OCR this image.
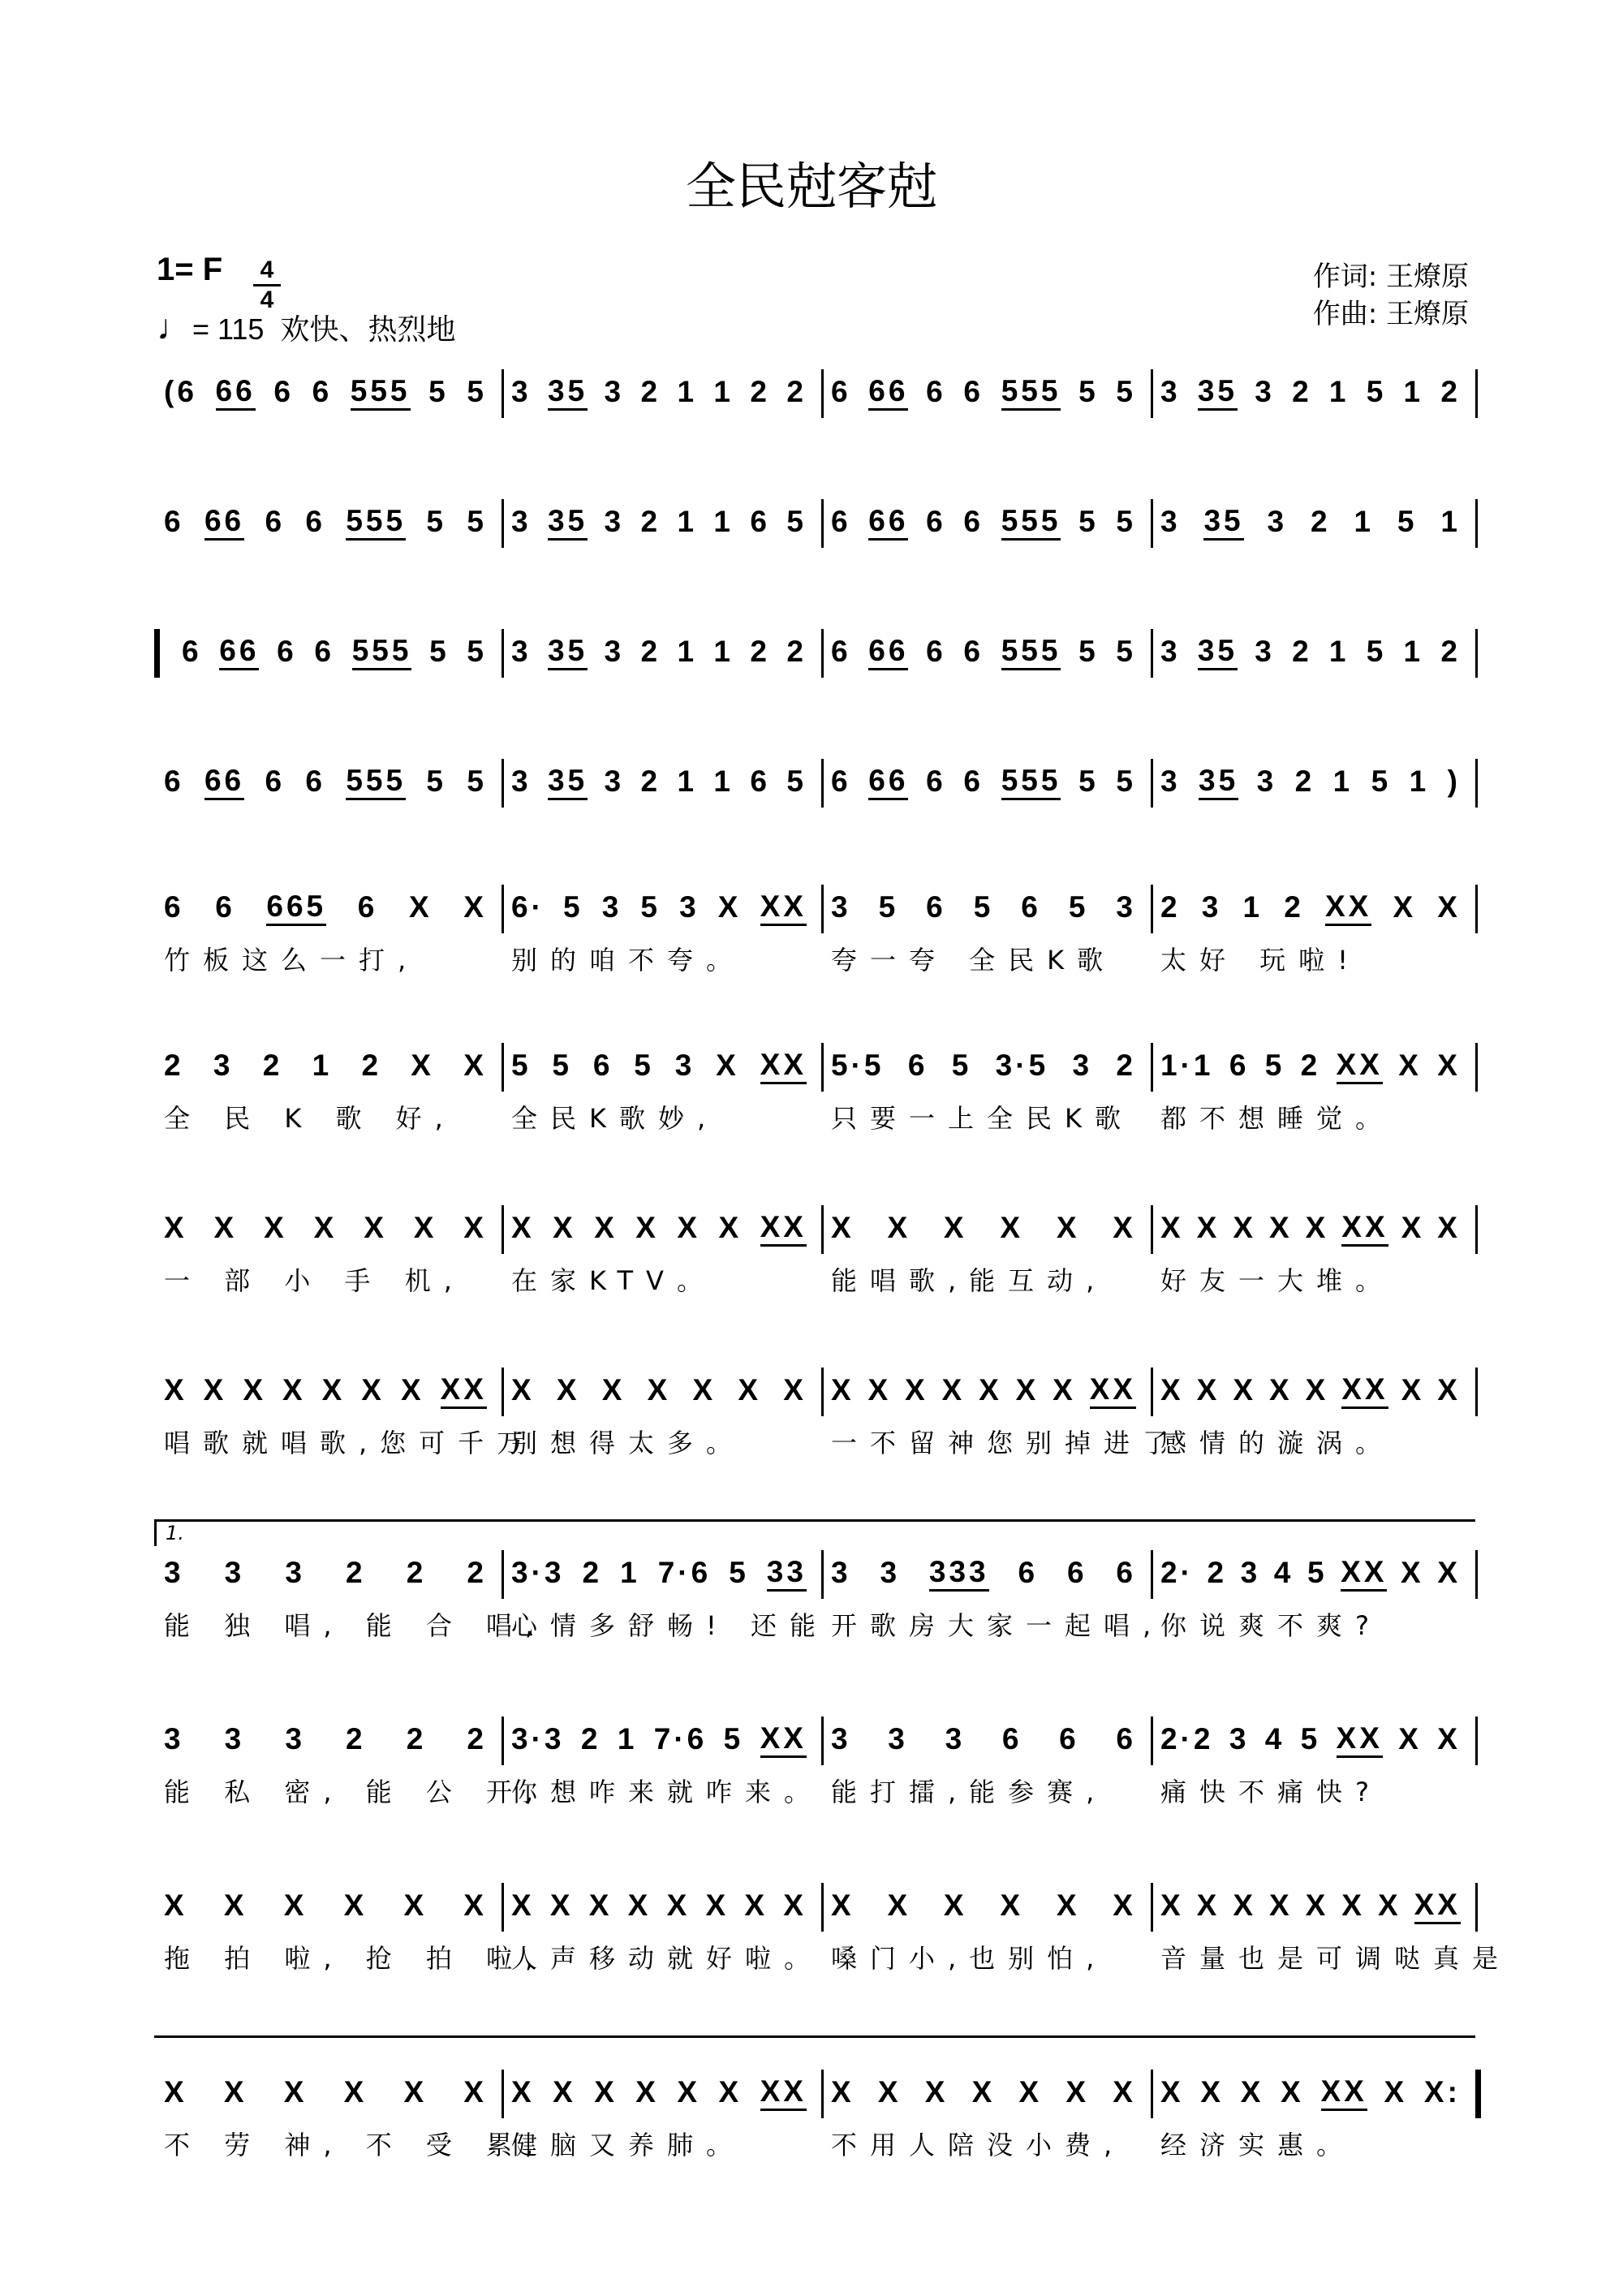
全民尅客尅
1= F 4
4
♩= 115 欢快、热烈地
作词: 王燎原
作曲: 王燎原
(6 66 6 6 555 5 5 3 35 3 2 1 1 2 2 6 66 6 6 555 5 5 3 35 3 2 1 5 1 2
6 66 6 6 555 5 5 3 35 3 2 1 1 6 5 6 66 6 6 555 5 5 3 35 3 2 1 5 1
6 66 6 6 555 5 5 3 35 3 2 1 1 2 2 6 66 6 6 555 5 5 3 35 3 2 1 5 1 2
6 66 6 6 555 5 5 3 35 3 2 1 1 6 5 6 66 6 6 555 5 5 3 35 3 2 1 5 1 )
6 6 665 6 X X
竹板这么一打,
6· 5 3 5 3 X XX
别的咱不夸。
3 5 6 5 6 5 3
夸一夸 全民K歌
2 3 1 2 XX X X
太好 玩啦!
2 3 2 1 2 X X
全 民 K 歌 好,
5 5 6 5 3 X XX
全民K歌妙,
5·5 6 5 3·5 3 2
只要一上全民K歌
1·1 6 5 2 XX X X
都不想睡觉。
X X X X X X X
一 部 小 手 机,
X X X X X X XX
在家KTV。
X X X X X X
能唱歌,能互动,
X X X X X XX X X
好友一大堆。
X X X X X X X XX
唱歌就唱歌,您可千万
X X X X X X X
别想得太多。
X X X X X X X XX
一不留神您别掉进了
X X X X X XX X X
感情的漩涡。
3 3 3 2 2 2
能 独 唱, 能 合 唱,
3·3 2 1 7·6 5 33
心情多舒畅! 还能
3 3 333 6 6 6
开歌房大家一起唱,
2· 2 3 4 5 XX X X
你说爽不爽?
3 3 3 2 2 2
能 私 密, 能 公 开,
3·3 2 1 7·6 5 XX
你想咋来就咋来。
3 3 3 6 6 6
能打擂,能参赛,
2·2 3 4 5 XX X X
痛快不痛快?
X X X X X X
拖 拍 啦, 抢 拍 啦,
X X X X X X X X
人声移动就好啦。
X X X X X X
嗓门小,也别怕,
X X X X X X X XX
音量也是可调哒真是
X X X X X X
不 劳 神, 不 受 累,
X X X X X X XX
健脑又养肺。
X X X X X X X
不用人陪没小费,
X X X X XX X X:
经济实惠。
1.
